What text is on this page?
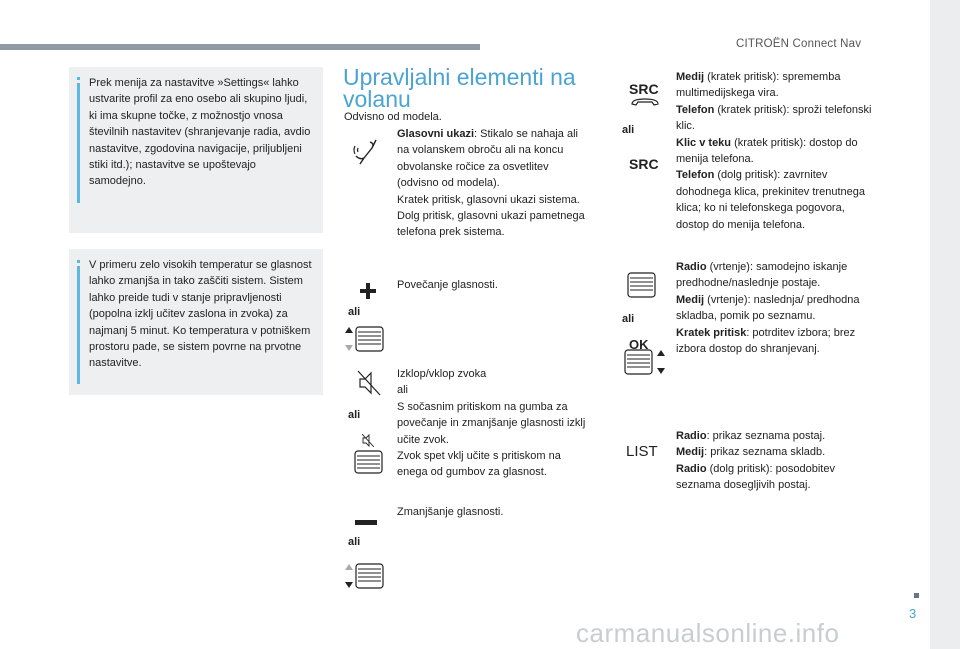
CITROËN Connect Nav
Prek menija za nastavitve »Settings« lahko ustvarite profil za eno osebo ali skupino ljudi, ki ima skupne točke, z možnostjo vnosa številnih nastavitev (shranjevanje radia, avdio nastavitve, zgodovina navigacije, priljubljeni stiki itd.); nastavitve se upoštevajo samodejno.
V primeru zelo visokih temperatur se glasnost lahko zmanjša in tako zaščiti sistem. Sistem lahko preide tudi v stanje pripravljenosti (popolna izklj učitev zaslona in zvoka) za najmanj 5 minut. Ko temperatura v potniškem prostoru pade, se sistem povrne na prvotne nastavitve.
Upravljalni elementi na volanu
Odvisno od modela.
Glasovni ukazi: Stikalo se nahaja ali na volanskem obroču ali na koncu obvolanske ročice za osvetlitev (odvisno od modela).
Kratek pritisk, glasovni ukazi sistema.
Dolg pritisk, glasovni ukazi pametnega telefona prek sistema.
ali
Povečanje glasnosti.
ali
Izklop/vklop zvoka
ali
S sočasnim pritiskom na gumba za povečanje in zmanjšanje glasnosti izklj učite zvok.
Zvok spet vklj učite s pritiskom na enega od gumbov za glasnost.
ali
Zmanjšanje glasnosti.
SRC
ali
SRC
Medij (kratek pritisk): sprememba multimedijskega vira.
Telefon (kratek pritisk): sproži telefonski klic.
Klic v teku (kratek pritisk): dostop do menija telefona.
Telefon (dolg pritisk): zavrnitev dohodnega klica, prekinitev trenutnega klica; ko ni telefonskega pogovora, dostop do menija telefona.
ali
OK
Radio (vrtenje): samodejno iskanje predhodne/naslednje postaje.
Medij (vrtenje): naslednja/ predhodna skladba, pomik po seznamu.
Kratek pritisk: potrditev izbora; brez izbora dostop do shranjevanj.
LIST
Radio: prikaz seznama postaj.
Medij: prikaz seznama skladb.
Radio (dolg pritisk): posodobitev seznama dosegljivih postaj.
3
carmanualsonline.info
